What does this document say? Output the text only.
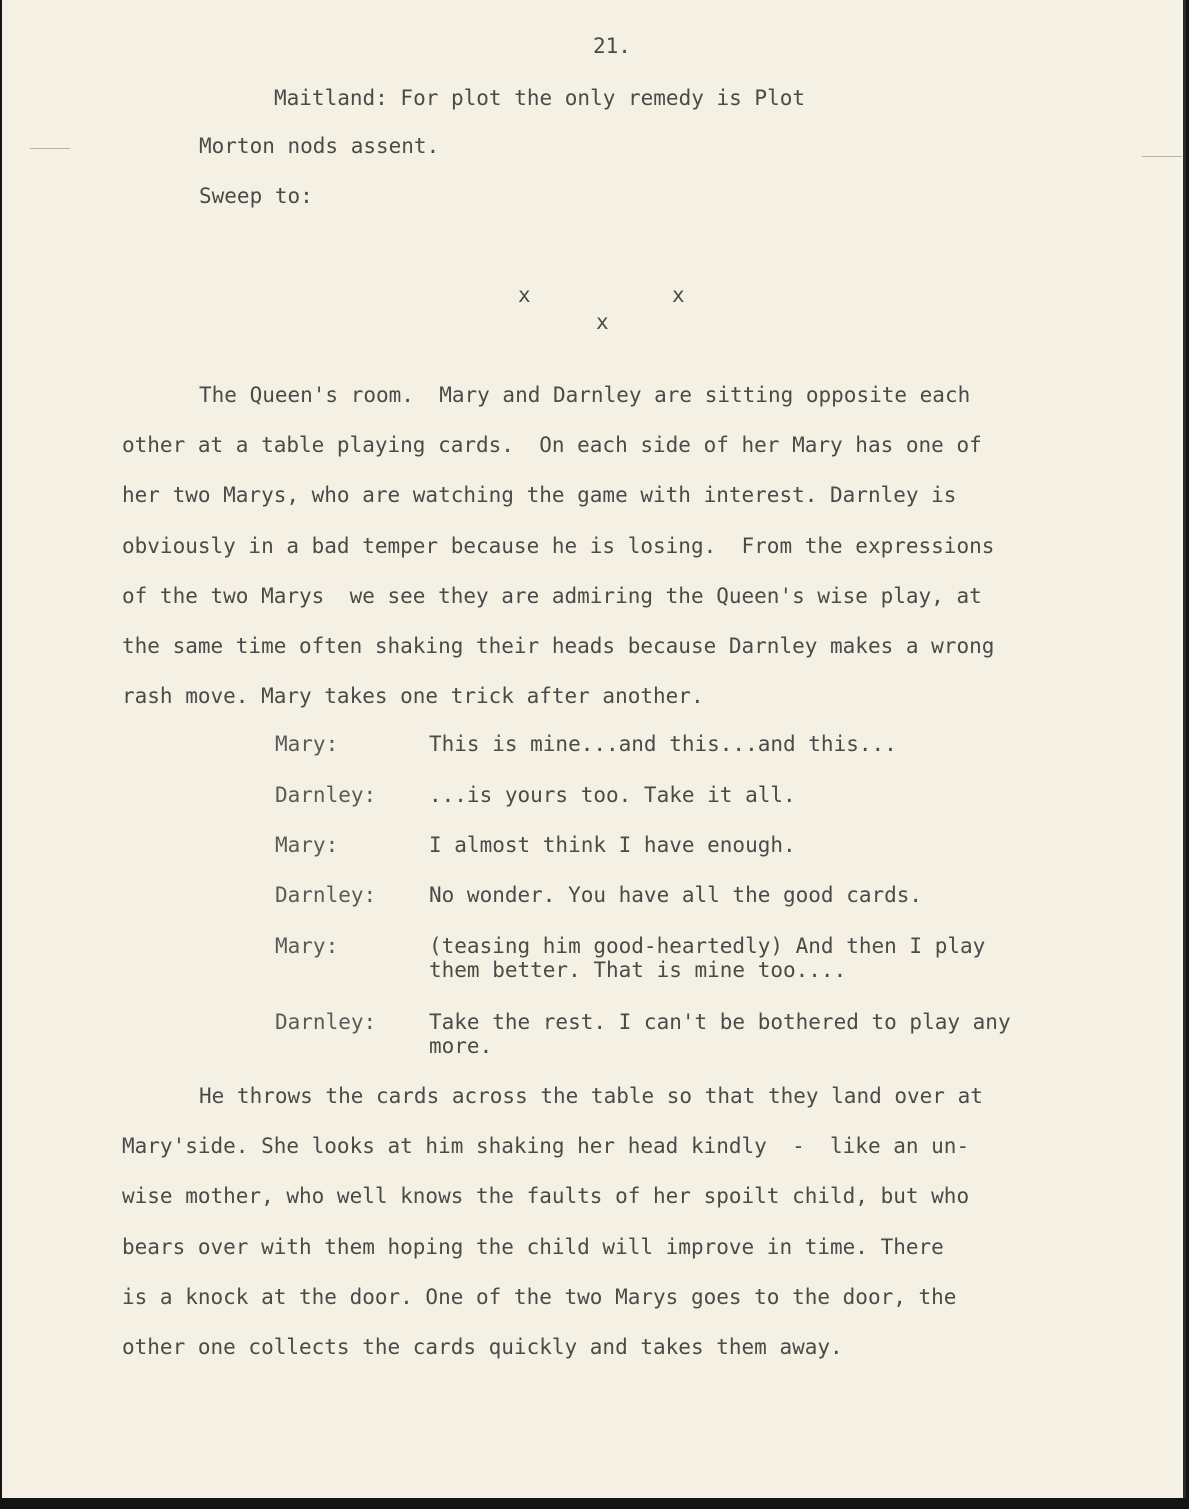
21.
Maitland: For plot the only remedy is Plot
Morton nods assent.
Sweep to:
x	x
x
The Queen's room.  Mary and Darnley are sitting opposite each
other at a table playing cards.  On each side of her Mary has one of
her two Marys, who are watching the game with interest. Darnley is
obviously in a bad temper because he is losing.  From the expressions
of the two Marys  we see they are admiring the Queen's wise play, at
the same time often shaking their heads because Darnley makes a wrong
rash move. Mary takes one trick after another.
Mary:	This is mine...and this...and this...
Darnley:	...is yours too. Take it all.
Mary:	I almost think I have enough.
Darnley:	No wonder. You have all the good cards.
Mary:	(teasing him good-heartedly) And then I play
them better. That is mine too....
Darnley:	Take the rest. I can't be bothered to play any
more.
He throws the cards across the table so that they land over at
Mary'side. She looks at him shaking her head kindly  -  like an un-
wise mother, who well knows the faults of her spoilt child, but who
bears over with them hoping the child will improve in time. There
is a knock at the door. One of the two Marys goes to the door, the
other one collects the cards quickly and takes them away.
